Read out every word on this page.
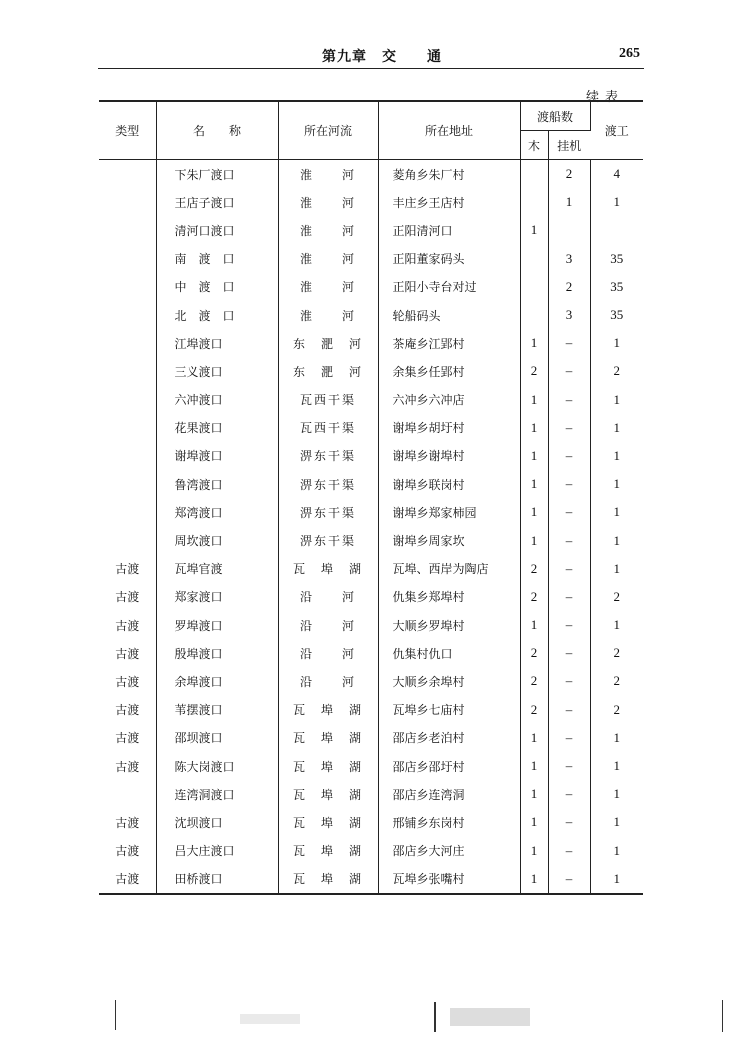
第九章　交　　通	265
续表
类型	名　　称	所在河流	所在地址	渡船数		渡工
				木	挂机	
	下朱厂渡口	淮　　河	菱角乡朱厂村		2	4
	王店子渡口	淮　　河	丰庄乡王店村		1	1
	清河口渡口	淮　　河	正阳清河口	1		
	南　渡　口	淮　　河	正阳董家码头		3	35
	中　渡　口	淮　　河	正阳小寺台对过		2	35
	北　渡　口	淮　　河	轮船码头		3	35
	江埠渡口	东　淝　河	茶庵乡江郢村	1	–	1
	三义渡口	东　淝　河	余集乡任郢村	2	–	2
	六冲渡口	瓦西干渠	六冲乡六冲店	1	–	1
	花果渡口	瓦西干渠	谢埠乡胡圩村	1	–	1
	谢埠渡口	淠东干渠	谢埠乡谢埠村	1	–	1
	鲁湾渡口	淠东干渠	谢埠乡联岗村	1	–	1
	郑湾渡口	淠东干渠	谢埠乡郑家柿园	1	–	1
	周坎渡口	淠东干渠	谢埠乡周家坎	1	–	1
古渡	瓦埠官渡	瓦　埠　湖	瓦埠、西岸为陶店	2	–	1
古渡	郑家渡口	沿　　河	仇集乡郑埠村	2	–	2
古渡	罗埠渡口	沿　　河	大顺乡罗埠村	1	–	1
古渡	殷埠渡口	沿　　河	仇集村仇口	2	–	2
古渡	余埠渡口	沿　　河	大顺乡余埠村	2	–	2
古渡	苇摆渡口	瓦　埠　湖	瓦埠乡七庙村	2	–	2
古渡	邵坝渡口	瓦　埠　湖	邵店乡老泊村	1	–	1
古渡	陈大岗渡口	瓦　埠　湖	邵店乡邵圩村	1	–	1
	连湾洞渡口	瓦　埠　湖	邵店乡连湾洞	1	–	1
古渡	沈坝渡口	瓦　埠　湖	邢铺乡东岗村	1	–	1
古渡	吕大庄渡口	瓦　埠　湖	邵店乡大河庄	1	–	1
古渡	田桥渡口	瓦　埠　湖	瓦埠乡张嘴村	1	–	1
